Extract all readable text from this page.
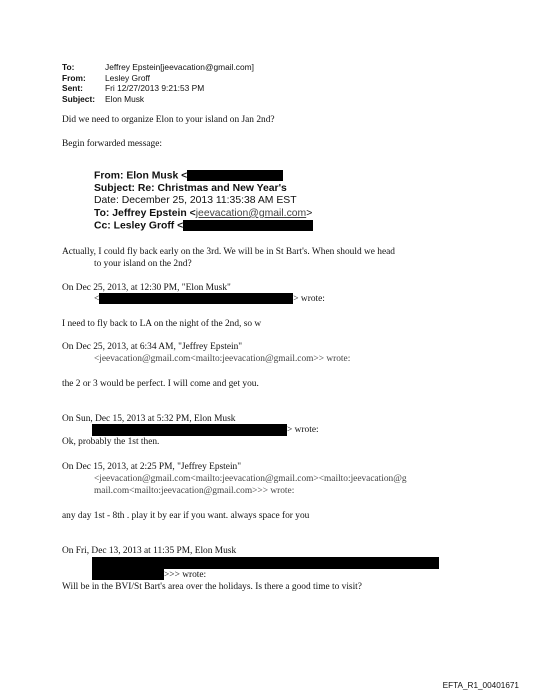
To:	Jeffrey Epstein[jeevacation@gmail.com]
From:	Lesley Groff
Sent:	Fri 12/27/2013 9:21:53 PM
Subject:	Elon Musk
Did we need to organize Elon to your island on Jan 2nd?
Begin forwarded message:
From: Elon Musk <
Subject: Re: Christmas and New Year's
Date: December 25, 2013 11:35:38 AM EST
To: Jeffrey Epstein <jeevacation@gmail.com>
Cc: Lesley Groff <
Actually, I could fly back early on the 3rd. We will be in St Bart's. When should we head
to your island on the 2nd?
On Dec 25, 2013, at 12:30 PM, "Elon Musk"
<	> wrote:
I need to fly back to LA on the night of the 2nd, so w
On Dec 25, 2013, at 6:34 AM, "Jeffrey Epstein"
<jeevacation@gmail.com<mailto:jeevacation@gmail.com>> wrote:
the 2 or 3 would be perfect. I will come and get you.
On Sun, Dec 15, 2013 at 5:32 PM, Elon Musk
> wrote:
Ok, probably the 1st then.
On Dec 15, 2013, at 2:25 PM, "Jeffrey Epstein"
<jeevacation@gmail.com<mailto:jeevacation@gmail.com><mailto:jeevacation@g
mail.com<mailto:jeevacation@gmail.com>>> wrote:
any day 1st - 8th . play it by ear if you want. always space for you
On Fri, Dec 13, 2013 at 11:35 PM, Elon Musk
>>> wrote:
Will be in the BVI/St Bart's area over the holidays. Is there a good time to visit?
EFTA_R1_00401671
